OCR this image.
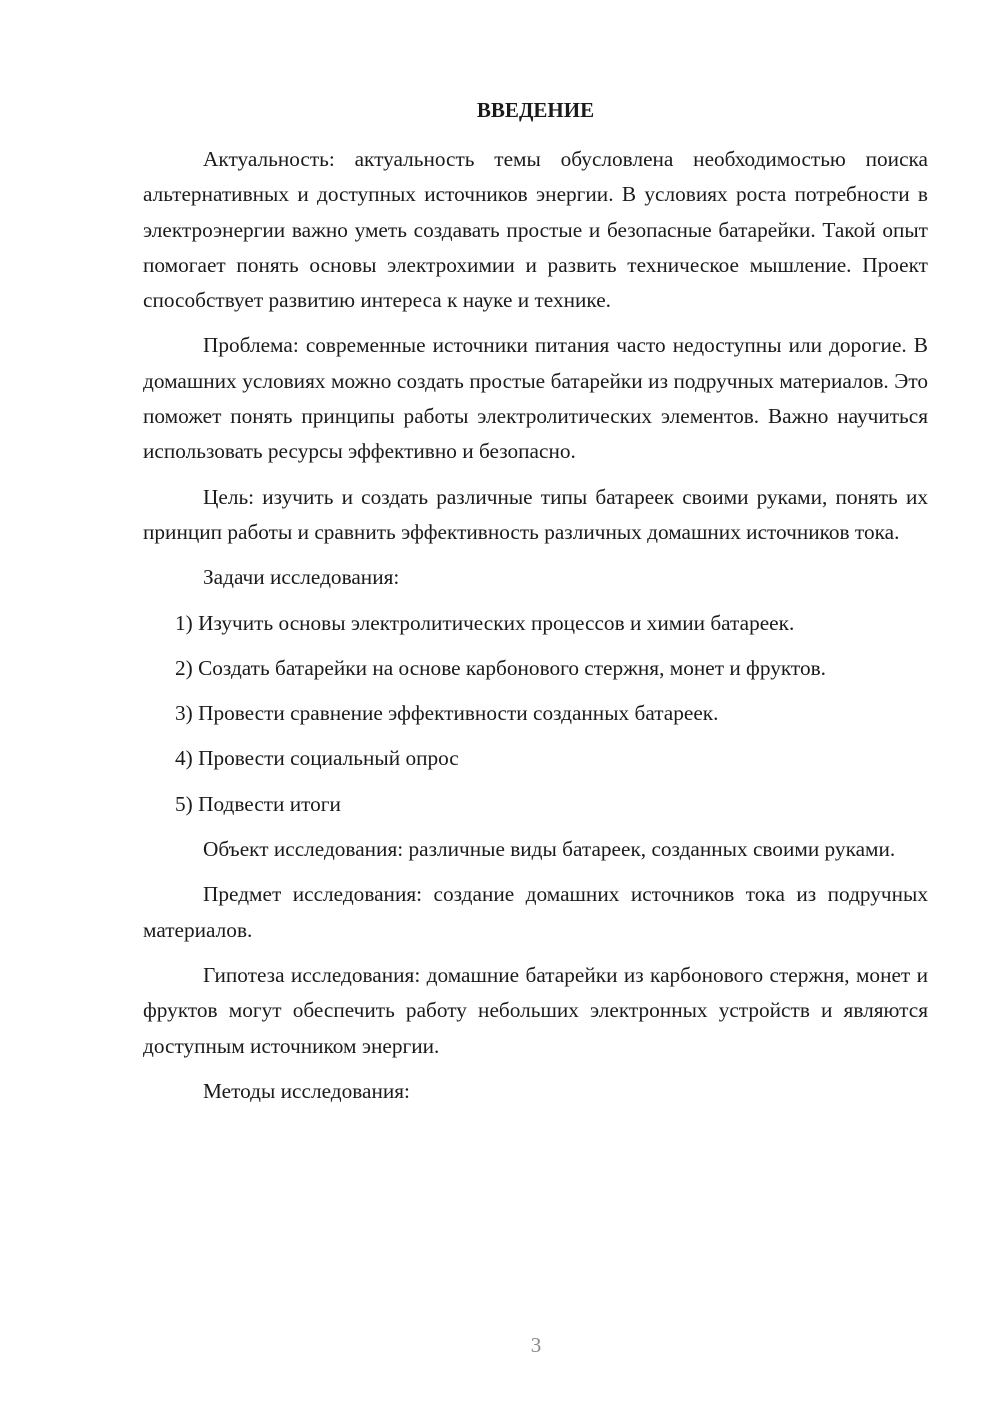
ВВЕДЕНИЕ

Актуальность: актуальность темы обусловлена необходимостью поиска альтернативных и доступных источников энергии. В условиях роста потребности в электроэнергии важно уметь создавать простые и безопасные батарейки. Такой опыт помогает понять основы электрохимии и развить техническое мышление. Проект способствует развитию интереса к науке и технике.

Проблема: современные источники питания часто недоступны или дорогие. В домашних условиях можно создать простые батарейки из подручных материалов. Это поможет понять принципы работы электролитических элементов. Важно научиться использовать ресурсы эффективно и безопасно.

Цель: изучить и создать различные типы батареек своими руками, понять их принцип работы и сравнить эффективность различных домашних источников тока.

Задачи исследования:

1) Изучить основы электролитических процессов и химии батареек.

2) Создать батарейки на основе карбонового стержня, монет и фруктов.

3) Провести сравнение эффективности созданных батареек.

4) Провести социальный опрос

5) Подвести итоги

Объект исследования: различные виды батареек, созданных своими руками.

Предмет исследования: создание домашних источников тока из подручных материалов.

Гипотеза исследования: домашние батарейки из карбонового стержня, монет и фруктов могут обеспечить работу небольших электронных устройств и являются доступным источником энергии.

Методы исследования:

3
